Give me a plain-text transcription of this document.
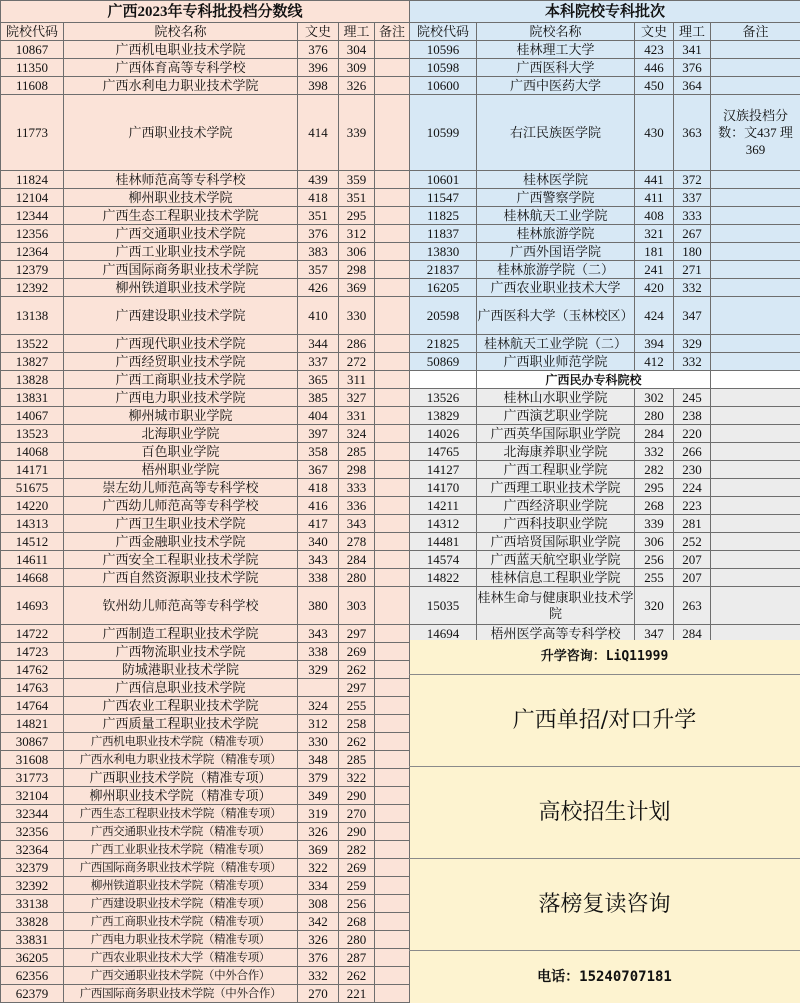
广西2023年专科批投档分数线				
院校代码	院校名称	文史	理工	备注
10867	广西机电职业技术学院	376	304	
11350	广西体育高等专科学校	396	309	
11608	广西水利电力职业技术学院	398	326	
11773	广西职业技术学院	414	339	
11824	桂林师范高等专科学校	439	359	
12104	柳州职业技术学院	418	351	
12344	广西生态工程职业技术学院	351	295	
12356	广西交通职业技术学院	376	312	
12364	广西工业职业技术学院	383	306	
12379	广西国际商务职业技术学院	357	298	
12392	柳州铁道职业技术学院	426	369	
13138	广西建设职业技术学院	410	330	
13522	广西现代职业技术学院	344	286	
13827	广西经贸职业技术学院	337	272	
13828	广西工商职业技术学院	365	311	
13831	广西电力职业技术学院	385	327	
14067	柳州城市职业学院	404	331	
13523	北海职业学院	397	324	
14068	百色职业学院	358	285	
14171	梧州职业学院	367	298	
51675	崇左幼儿师范高等专科学校	418	333	
14220	广西幼儿师范高等专科学校	416	336	
14313	广西卫生职业技术学院	417	343	
14512	广西金融职业技术学院	340	278	
14611	广西安全工程职业技术学院	343	284	
14668	广西自然资源职业技术学院	338	280	
14693	钦州幼儿师范高等专科学校	380	303	
14722	广西制造工程职业技术学院	343	297	
14723	广西物流职业技术学院	338	269	
14762	防城港职业技术学院	329	262	
14763	广西信息职业技术学院		297	
14764	广西农业工程职业技术学院	324	255	
14821	广西质量工程职业技术学院	312	258	
30867	广西机电职业技术学院（精准专项）	330	262	
31608	广西水利电力职业技术学院（精准专项）	348	285	
31773	广西职业技术学院（精准专项）	379	322	
32104	柳州职业技术学院（精准专项）	349	290	
32344	广西生态工程职业技术学院（精准专项）	319	270	
32356	广西交通职业技术学院（精准专项）	326	290	
32364	广西工业职业技术学院（精准专项）	369	282	
32379	广西国际商务职业技术学院（精准专项）	322	269	
32392	柳州铁道职业技术学院（精准专项）	334	259	
33138	广西建设职业技术学院（精准专项）	308	256	
33828	广西工商职业技术学院（精准专项）	342	268	
33831	广西电力职业技术学院（精准专项）	326	280	
36205	广西农业职业技术大学（精准专项）	376	287	
62356	广西交通职业技术学院（中外合作）	332	262	
62379	广西国际商务职业技术学院（中外合作）	270	221	
本科院校专科批次				
院校代码	院校名称	文史	理工	备注
10596	桂林理工大学	423	341	
10598	广西医科大学	446	376	
10600	广西中医药大学	450	364	
10599	右江民族医学院	430	363	汉族投档分数：文437 理369
10601	桂林医学院	441	372	
11547	广西警察学院	411	337	
11825	桂林航天工业学院	408	333	
11837	桂林旅游学院	321	267	
13830	广西外国语学院	181	180	
21837	桂林旅游学院（二）	241	271	
16205	广西农业职业技术大学	420	332	
20598	广西医科大学（玉林校区）	424	347	
21825	桂林航天工业学院（二）	394	329	
50869	广西职业师范学院	412	332	
	广西民办专科院校			
13526	桂林山水职业学院	302	245	
13829	广西演艺职业学院	280	238	
14026	广西英华国际职业学院	284	220	
14765	北海康养职业学院	332	266	
14127	广西工程职业学院	282	230	
14170	广西理工职业技术学院	295	224	
14211	广西经济职业学院	268	223	
14312	广西科技职业学院	339	281	
14481	广西培贤国际职业学院	306	252	
14574	广西蓝天航空职业学院	256	207	
14822	桂林信息工程职业学院	255	207	
15035	桂林生命与健康职业技术学院	320	263	
14694	梧州医学高等专科学校	347	284	
升学咨询：LiQ11999
广西单招/对口升学
高校招生计划
落榜复读咨询
电话：15240707181
